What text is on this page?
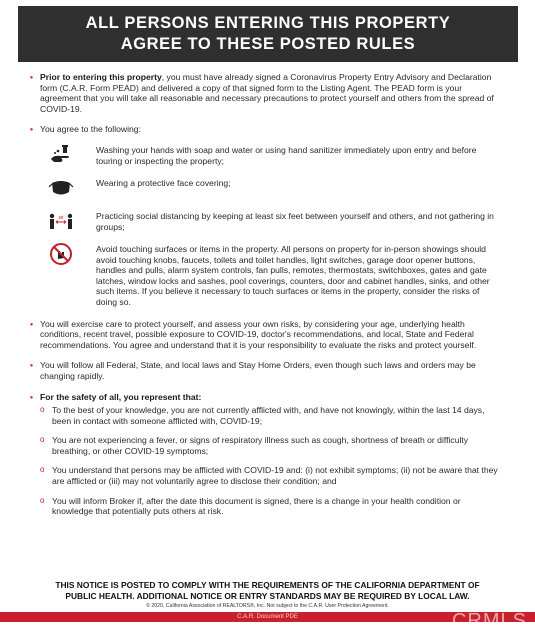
ALL PERSONS ENTERING THIS PROPERTY
AGREE TO THESE POSTED RULES
• Prior to entering this property, you must have already signed a Coronavirus Property Entry Advisory and Declaration form (C.A.R. Form PEAD) and delivered a copy of that signed form to the Listing Agent. The PEAD form is your agreement that you will take all reasonable and necessary precautions to protect yourself and others from the spread of COVID-19.
• You agree to the following:
Washing your hands with soap and water or using hand sanitizer immediately upon entry and before touring or inspecting the property;
Wearing a protective face covering;
6ft	Practicing social distancing by keeping at least six feet between yourself and others, and not gathering in groups;
Avoid touching surfaces or items in the property. All persons on property for in-person showings should avoid touching knobs, faucets, toilets and toilet handles, light switches, garage door opener buttons, handles and pulls, alarm system controls, fan pulls, remotes, thermostats, switchboxes, gates and gate latches, window locks and sashes, pool coverings, counters, door and cabinet handles, sinks, and other such items. If you believe it necessary to touch surfaces or items in the property, consider the risks of doing so.
• You will exercise care to protect yourself, and assess your own risks, by considering your age, underlying health conditions, recent travel, possible exposure to COVID-19, doctor's recommendations, and local, State and Federal recommendations. You agree and understand that it is your responsibility to evaluate the risks and protect yourself.
• You will follow all Federal, State, and local laws and Stay Home Orders, even though such laws and orders may be changing rapidly.
• For the safety of all, you represent that:
o To the best of your knowledge, you are not currently afflicted with, and have not knowingly, within the last 14 days, been in contact with someone afflicted with, COVID-19;
o You are not experiencing a fever, or signs of respiratory illness such as cough, shortness of breath or difficulty breathing, or other COVID-19 symptoms;
o You understand that persons may be afflicted with COVID-19 and: (i) not exhibit symptoms; (ii) not be aware that they are afflicted or (iii) may not voluntarily agree to disclose their condition; and
o You will inform Broker if, after the date this document is signed, there is a change in your health condition or knowledge that potentially puts others at risk.
THIS NOTICE IS POSTED TO COMPLY WITH THE REQUIREMENTS OF THE CALIFORNIA DEPARTMENT OF
PUBLIC HEALTH. ADDITIONAL NOTICE OR ENTRY STANDARDS MAY BE REQUIRED BY LOCAL LAW.
© 2020, California Association of REALTORS®, Inc. Not subject to the C.A.R. User Protection Agreement.
C.A.R. Document PDE	CRMLS
